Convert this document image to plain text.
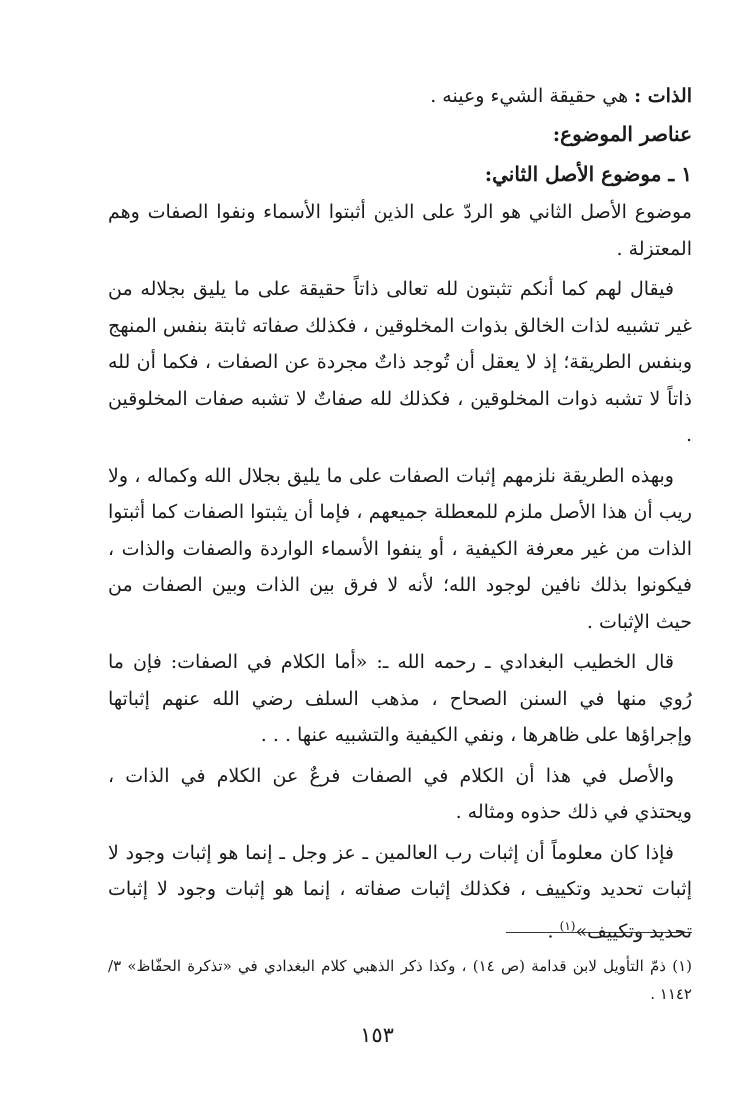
الذات : هي حقيقة الشيء وعينه .

عناصر الموضوع:

١ ـ موضوع الأصل الثاني:

موضوع الأصل الثاني هو الردّ على الذين أثبتوا الأسماء ونفوا الصفات وهم المعتزلة .

فيقال لهم كما أنكم تثبتون لله تعالى ذاتاً حقيقة على ما يليق بجلاله من غير تشبيه لذات الخالق بذوات المخلوقين ، فكذلك صفاته ثابتة بنفس المنهج وبنفس الطريقة؛ إذ لا يعقل أن تُوجد ذاتٌ مجردة عن الصفات ، فكما أن لله ذاتاً لا تشبه ذوات المخلوقين ، فكذلك لله صفاتٌ لا تشبه صفات المخلوقين .

وبهذه الطريقة نلزمهم إثبات الصفات على ما يليق بجلال الله وكماله ، ولا ريب أن هذا الأصل ملزم للمعطلة جميعهم ، فإما أن يثبتوا الصفات كما أثبتوا الذات من غير معرفة الكيفية ، أو ينفوا الأسماء الواردة والصفات والذات ، فيكونوا بذلك نافين لوجود الله؛ لأنه لا فرق بين الذات وبين الصفات من حيث الإثبات .

قال الخطيب البغدادي ـ رحمه الله ـ: «أما الكلام في الصفات: فإن ما رُوي منها في السنن الصحاح ، مذهب السلف رضي الله عنهم إثباتها وإجراؤها على ظاهرها ، ونفي الكيفية والتشبيه عنها . . .

والأصل في هذا أن الكلام في الصفات فرعٌ عن الكلام في الذات ، ويحتذي في ذلك حذوه ومثاله .

فإذا كان معلوماً أن إثبات رب العالمين ـ عز وجل ـ إنما هو إثبات وجود لا إثبات تحديد وتكييف ، فكذلك إثبات صفاته ، إنما هو إثبات وجود لا إثبات تحديد وتكييف»$^{(١)}$ .

(١) ذمّ التأويل لابن قدامة (ص ١٤) ، وكذا ذكر الذهبي كلام البغدادي في «تذكرة الحفّاظ» ٣/ ١١٤٢ .

١٥٣
